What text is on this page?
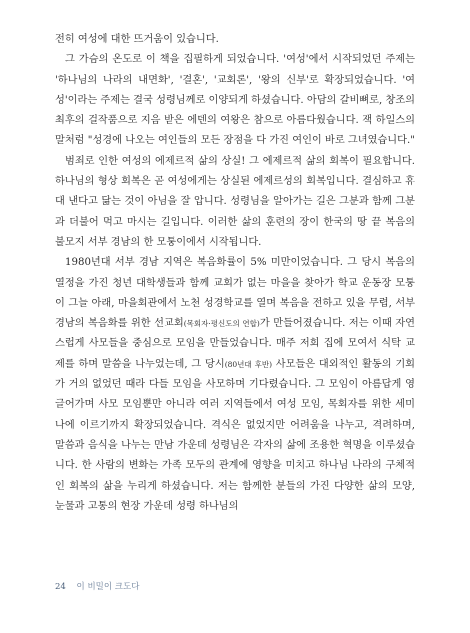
전히 여성에 대한 뜨거움이 있습니다.

그 가슴의 온도로 이 책을 집필하게 되었습니다. '여성'에서 시작되었던 주제는 '하나님의 나라의 내면화', '결혼', '교회론', '왕의 신부'로 확장되었습니다. '여성'이라는 주제는 결국 성령님께로 이양되게 하셨습니다. 아담의 갈비뼈로, 창조의 최후의 걸작품으로 지음 받은 에덴의 여왕은 참으로 아름다웠습니다. 잭 하일스의 말처럼 "성경에 나오는 여인들의 모든 장점을 다 가진 여인이 바로 그녀였습니다."

범죄로 인한 여성의 에제르적 삶의 상실! 그 에제르적 삶의 회복이 필요합니다. 하나님의 형상 회복은 곧 여성에게는 상실된 에제르성의 회복입니다. 결심하고 휴대 낸다고 닮는 것이 아님을 잘 압니다. 성령님을 알아가는 길은 그분과 함께 그분과 더불어 먹고 마시는 길입니다. 이러한 삶의 훈련의 장이 한국의 땅 끝 복음의 불모지 서부 경남의 한 모퉁이에서 시작됩니다.

1980년대 서부 경남 지역은 복음화률이 5% 미만이었습니다. 그 당시 복음의 열정을 가진 청년 대학생들과 함께 교회가 없는 마을을 찾아가 학교 운동장 모퉁이 그늘 아래, 마을회관에서 노천 성경학교를 열며 복음을 전하고 있을 무렵, 서부 경남의 복음화를 위한 선교회(목회자·평신도의 연합)가 만들어졌습니다. 저는 이때 자연스럽게 사모들을 중심으로 모임을 만들었습니다. 매주 저희 집에 모여서 식탁 교제를 하며 말씀을 나누었는데, 그 당시(80년대 후반) 사모들은 대외적인 활동의 기회가 거의 없었던 때라 다들 모임을 사모하며 기다렸습니다. 그 모임이 아름답게 영글어가며 사모 모임뿐만 아니라 여러 지역들에서 여성 모임, 목회자를 위한 세미나에 이르기까지 확장되었습니다. 격식은 없었지만 어려움을 나누고, 격려하며, 말씀과 음식을 나누는 만남 가운데 성령님은 각자의 삶에 조용한 혁명을 이루셨습니다. 한 사람의 변화는 가족 모두의 관계에 영향을 미치고 하나님 나라의 구체적인 회복의 삶을 누리게 하셨습니다. 저는 함께한 분들의 가진 다양한 삶의 모양, 눈물과 고통의 현장 가운데 성령 하나님의

24 이 비밀이 크도다
